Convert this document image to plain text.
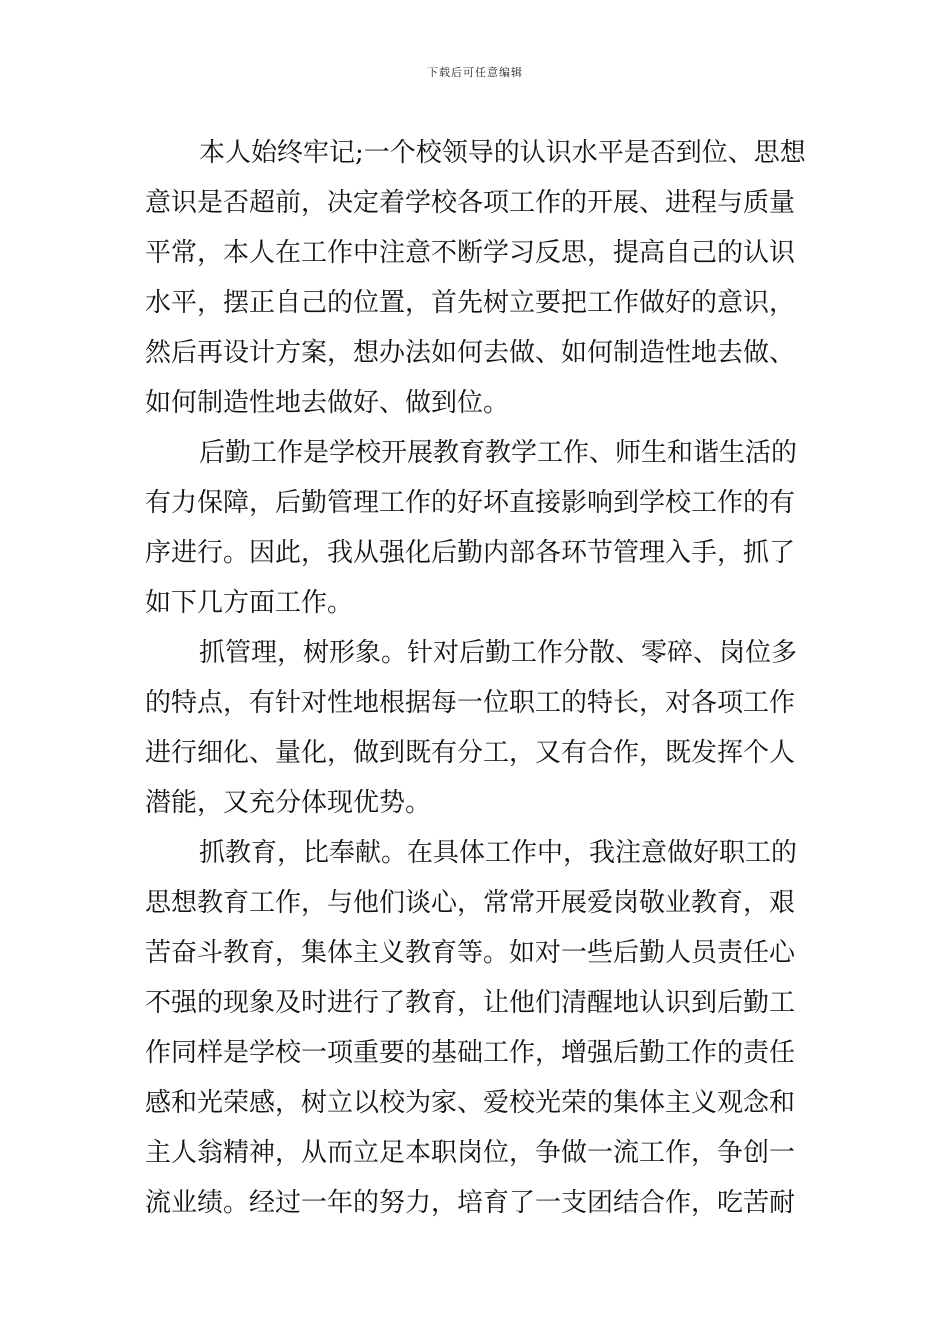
下载后可任意编辑
本人始终牢记;一个校领导的认识水平是否到位、思想
意识是否超前，决定着学校各项工作的开展、进程与质量
平常，本人在工作中注意不断学习反思，提高自己的认识
水平，摆正自己的位置，首先树立要把工作做好的意识，
然后再设计方案，想办法如何去做、如何制造性地去做、
如何制造性地去做好、做到位。
后勤工作是学校开展教育教学工作、师生和谐生活的
有力保障，后勤管理工作的好坏直接影响到学校工作的有
序进行。因此，我从强化后勤内部各环节管理入手，抓了
如下几方面工作。
抓管理，树形象。针对后勤工作分散、零碎、岗位多
的特点，有针对性地根据每一位职工的特长，对各项工作
进行细化、量化，做到既有分工，又有合作，既发挥个人
潜能，又充分体现优势。
抓教育，比奉献。在具体工作中，我注意做好职工的
思想教育工作，与他们谈心，常常开展爱岗敬业教育，艰
苦奋斗教育，集体主义教育等。如对一些后勤人员责任心
不强的现象及时进行了教育，让他们清醒地认识到后勤工
作同样是学校一项重要的基础工作，增强后勤工作的责任
感和光荣感，树立以校为家、爱校光荣的集体主义观念和
主人翁精神，从而立足本职岗位，争做一流工作，争创一
流业绩。经过一年的努力，培育了一支团结合作，吃苦耐
